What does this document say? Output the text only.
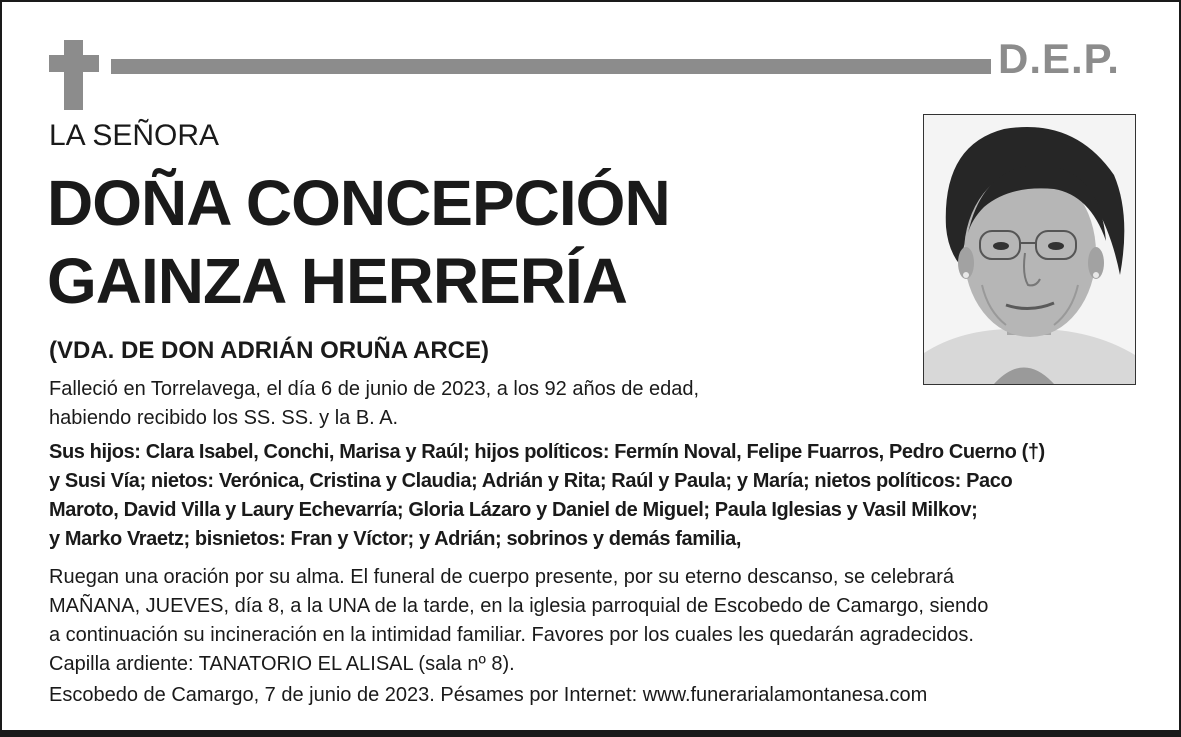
D.E.P.
LA SEÑORA
DOÑA CONCEPCIÓN
GAINZA HERRERÍA
(VDA. DE DON ADRIÁN ORUÑA ARCE)
Falleció en Torrelavega, el día 6 de junio de 2023, a los 92 años de edad,
habiendo recibido los SS. SS. y la B. A.
Sus hijos: Clara Isabel, Conchi, Marisa y Raúl; hijos políticos: Fermín Noval, Felipe Fuarros, Pedro Cuerno (†)
y Susi Vía; nietos: Verónica, Cristina y Claudia; Adrián y Rita; Raúl y Paula; y María; nietos políticos: Paco
Maroto, David Villa y Laury Echevarría; Gloria Lázaro y Daniel de Miguel; Paula Iglesias y Vasil Milkov;
y Marko Vraetz; bisnietos: Fran y Víctor; y Adrián; sobrinos y demás familia,
Ruegan una oración por su alma. El funeral de cuerpo presente, por su eterno descanso, se celebrará
MAÑANA, JUEVES, día 8, a la UNA de la tarde, en la iglesia parroquial de Escobedo de Camargo, siendo
a continuación su incineración en la intimidad familiar. Favores por los cuales les quedarán agradecidos.
Capilla ardiente: TANATORIO EL ALISAL (sala nº 8).
Escobedo de Camargo, 7 de junio de 2023. Pésames por Internet: www.funerarialamontanesa.com
